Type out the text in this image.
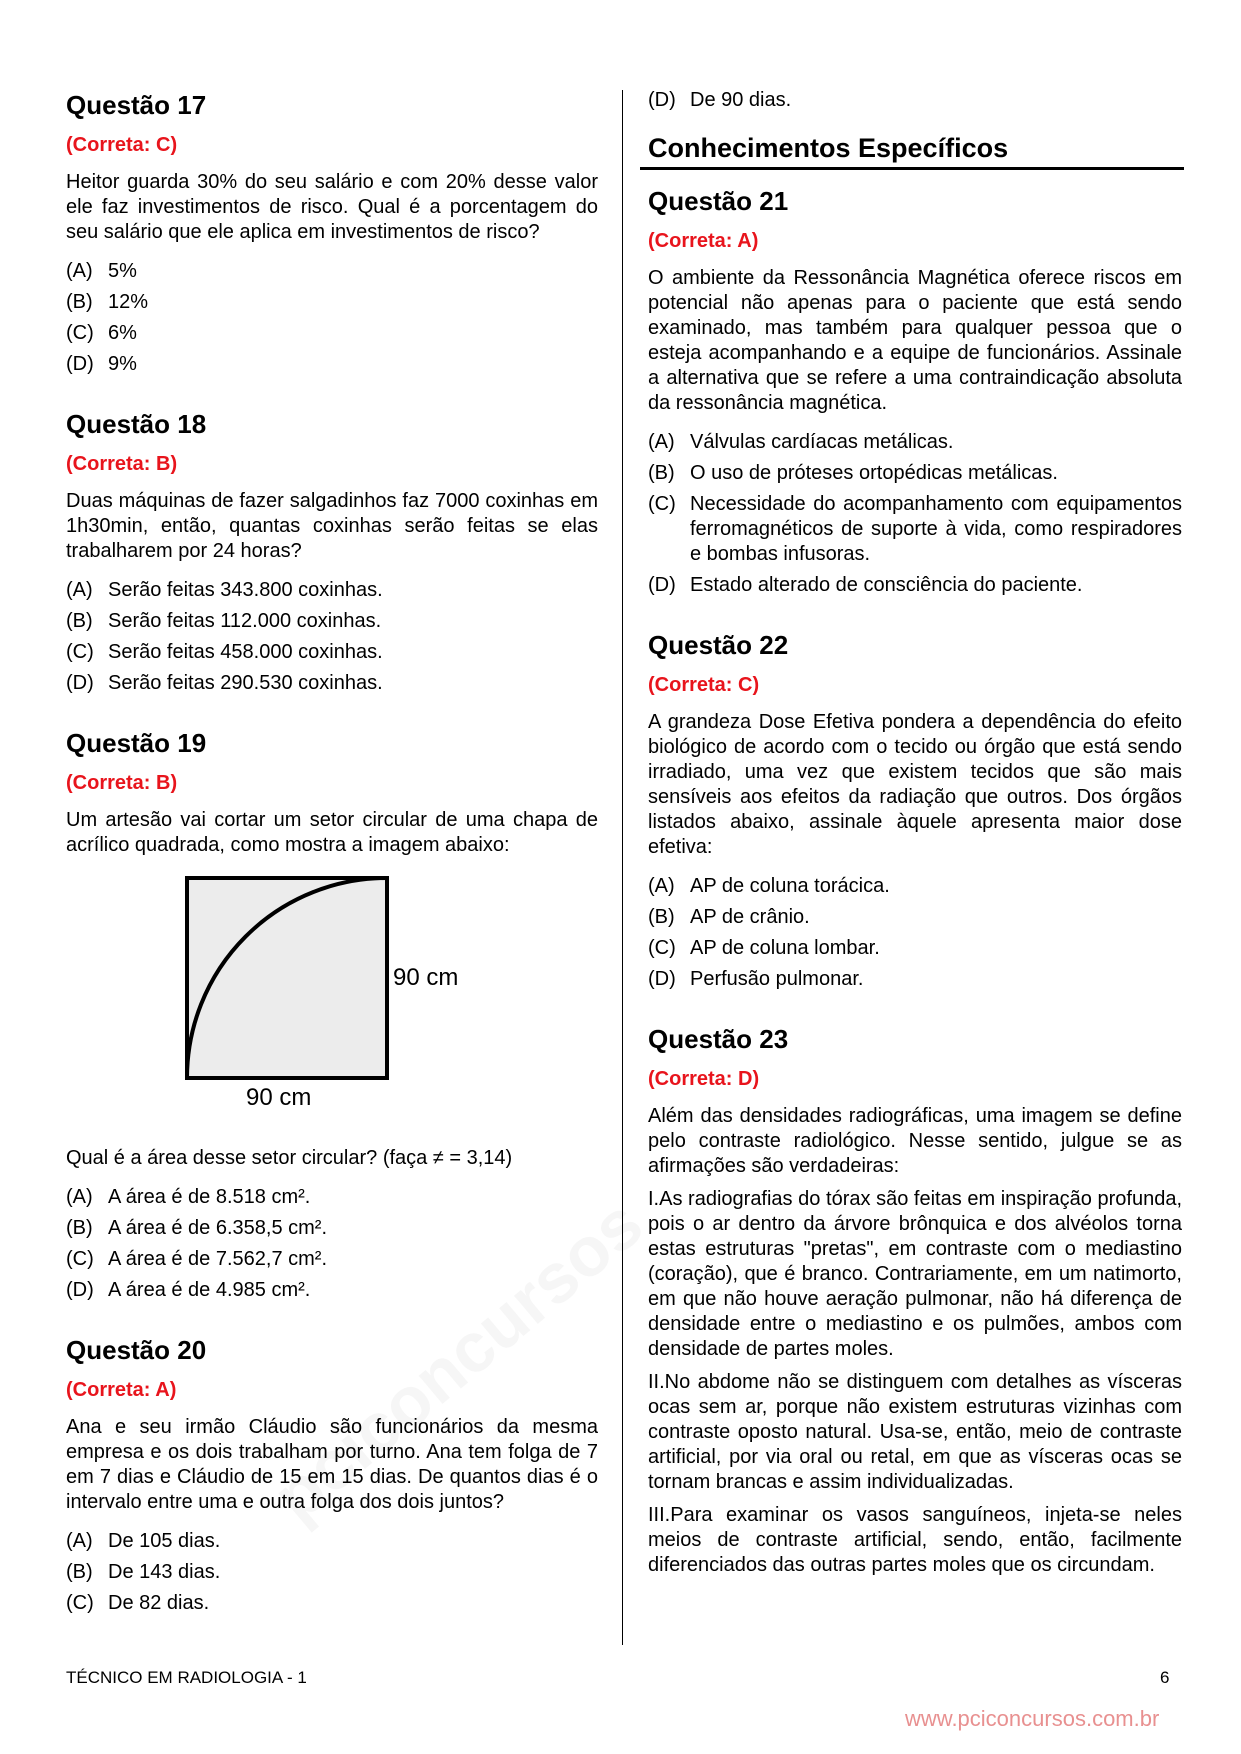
Questão 17
(Correta: C)
Heitor guarda 30% do seu salário e com 20% desse valor ele faz investimentos de risco. Qual é a porcentagem do seu salário que ele aplica em investimentos de risco?
(A) 5%
(B) 12%
(C) 6%
(D) 9%
Questão 18
(Correta: B)
Duas máquinas de fazer salgadinhos faz 7000 coxinhas em 1h30min, então, quantas coxinhas serão feitas se elas trabalharem por 24 horas?
(A) Serão feitas 343.800 coxinhas.
(B) Serão feitas 112.000 coxinhas.
(C) Serão feitas 458.000 coxinhas.
(D) Serão feitas 290.530 coxinhas.
Questão 19
(Correta: B)
Um artesão vai cortar um setor circular de uma chapa de acrílico quadrada, como mostra a imagem abaixo:
90 cm
90 cm
Qual é a área desse setor circular? (faça ≠ = 3,14)
(A) A área é de 8.518 cm².
(B) A área é de 6.358,5 cm².
(C) A área é de 7.562,7 cm².
(D) A área é de 4.985 cm².
Questão 20
(Correta: A)
Ana e seu irmão Cláudio são funcionários da mesma empresa e os dois trabalham por turno. Ana tem folga de 7 em 7 dias e Cláudio de 15 em 15 dias. De quantos dias é o intervalo entre uma e outra folga dos dois juntos?
(A) De 105 dias.
(B) De 143 dias.
(C) De 82 dias.
(D) De 90 dias.
Conhecimentos Específicos
Questão 21
(Correta: A)
O ambiente da Ressonância Magnética oferece riscos em potencial não apenas para o paciente que está sendo examinado, mas também para qualquer pessoa que o esteja acompanhando e a equipe de funcionários. Assinale a alternativa que se refere a uma contraindicação absoluta da ressonância magnética.
(A) Válvulas cardíacas metálicas.
(B) O uso de próteses ortopédicas metálicas.
(C) Necessidade do acompanhamento com equipamentos ferromagnéticos de suporte à vida, como respiradores e bombas infusoras.
(D) Estado alterado de consciência do paciente.
Questão 22
(Correta: C)
A grandeza Dose Efetiva pondera a dependência do efeito biológico de acordo com o tecido ou órgão que está sendo irradiado, uma vez que existem tecidos que são mais sensíveis aos efeitos da radiação que outros. Dos órgãos listados abaixo, assinale àquele apresenta maior dose efetiva:
(A) AP de coluna torácica.
(B) AP de crânio.
(C) AP de coluna lombar.
(D) Perfusão pulmonar.
Questão 23
(Correta: D)
Além das densidades radiográficas, uma imagem se define pelo contraste radiológico. Nesse sentido, julgue se as afirmações são verdadeiras:
I.As radiografias do tórax são feitas em inspiração profunda, pois o ar dentro da árvore brônquica e dos alvéolos torna estas estruturas "pretas", em contraste com o mediastino (coração), que é branco. Contrariamente, em um natimorto, em que não houve aeração pulmonar, não há diferença de densidade entre o mediastino e os pulmões, ambos com densidade de partes moles.
II.No abdome não se distinguem com detalhes as vísceras ocas sem ar, porque não existem estruturas vizinhas com contraste oposto natural. Usa-se, então, meio de contraste artificial, por via oral ou retal, em que as vísceras ocas se tornam brancas e assim individualizadas.
III.Para examinar os vasos sanguíneos, injeta-se neles meios de contraste artificial, sendo, então, facilmente diferenciados das outras partes moles que os circundam.
TÉCNICO EM RADIOLOGIA - 1	6
www.pciconcursos.com.br
